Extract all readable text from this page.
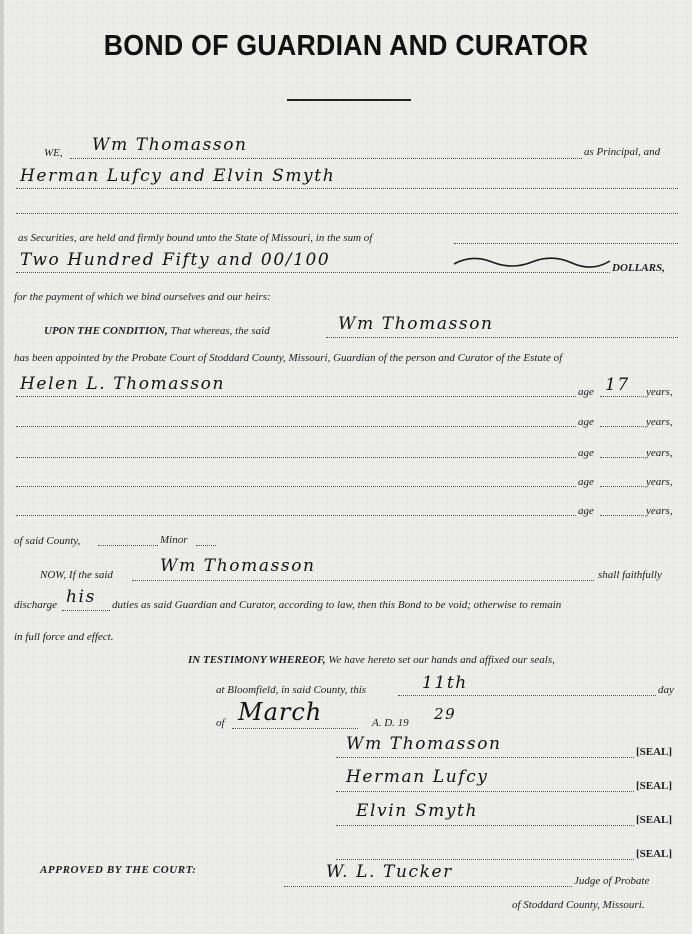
BOND OF GUARDIAN AND CURATOR
WE, Wm Thomasson	as Principal, and
Herman Lufcy and Elvin Smyth
as Securities, are held and firmly bound unto the State of Missouri, in the sum of
Two Hundred Fifty and 00/100	DOLLARS,
for the payment of which we bind ourselves and our heirs:
UPON THE CONDITION, That whereas, the said	Wm Thomasson
has been appointed by the Probate Court of Stoddard County, Missouri, Guardian of the person and Curator of the Estate of
Helen L. Thomasson	age 17 years,
age	years,
age	years,
age	years,
age	years,
of said County,	Minor
NOW, If the said	Wm Thomasson	shall faithfully
discharge his duties as said Guardian and Curator, according to law, then this Bond to be void; otherwise to remain
in full force and effect.
IN TESTIMONY WHEREOF, We have hereto set our hands and affixed our seals,
at Bloomfield, in said County, this	11th	day
of March	A. D. 19 29
Wm Thomasson	[SEAL]
Herman Lufcy	[SEAL]
Elvin Smyth	[SEAL]
[SEAL]
APPROVED BY THE COURT:	W. L. Tucker	Judge of Probate
of Stoddard County, Missouri.
